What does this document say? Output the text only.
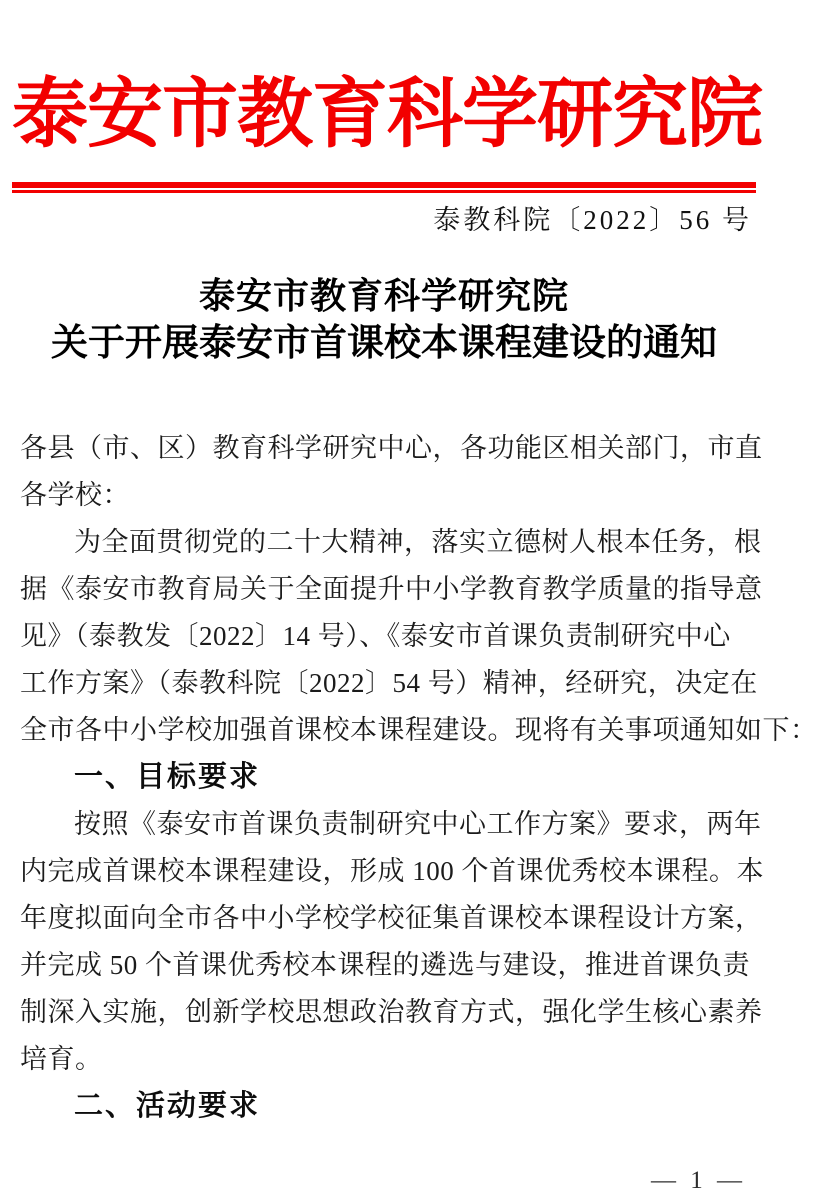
泰安市教育科学研究院
泰教科院〔2022〕56 号
泰安市教育科学研究院
关于开展泰安市首课校本课程建设的通知
各县（市、区）教育科学研究中心，各功能区相关部门，市直
各学校：
为全面贯彻党的二十大精神，落实立德树人根本任务，根
据《泰安市教育局关于全面提升中小学教育教学质量的指导意
见》（泰教发〔2022〕14 号）、《泰安市首课负责制研究中心
工作方案》（泰教科院〔2022〕54 号）精神，经研究，决定在
全市各中小学校加强首课校本课程建设。现将有关事项通知如下：
一、目标要求
按照《泰安市首课负责制研究中心工作方案》要求，两年
内完成首课校本课程建设，形成 100 个首课优秀校本课程。本
年度拟面向全市各中小学校学校征集首课校本课程设计方案，
并完成 50 个首课优秀校本课程的遴选与建设，推进首课负责
制深入实施，创新学校思想政治教育方式，强化学生核心素养
培育。
二、活动要求
— 1 —
